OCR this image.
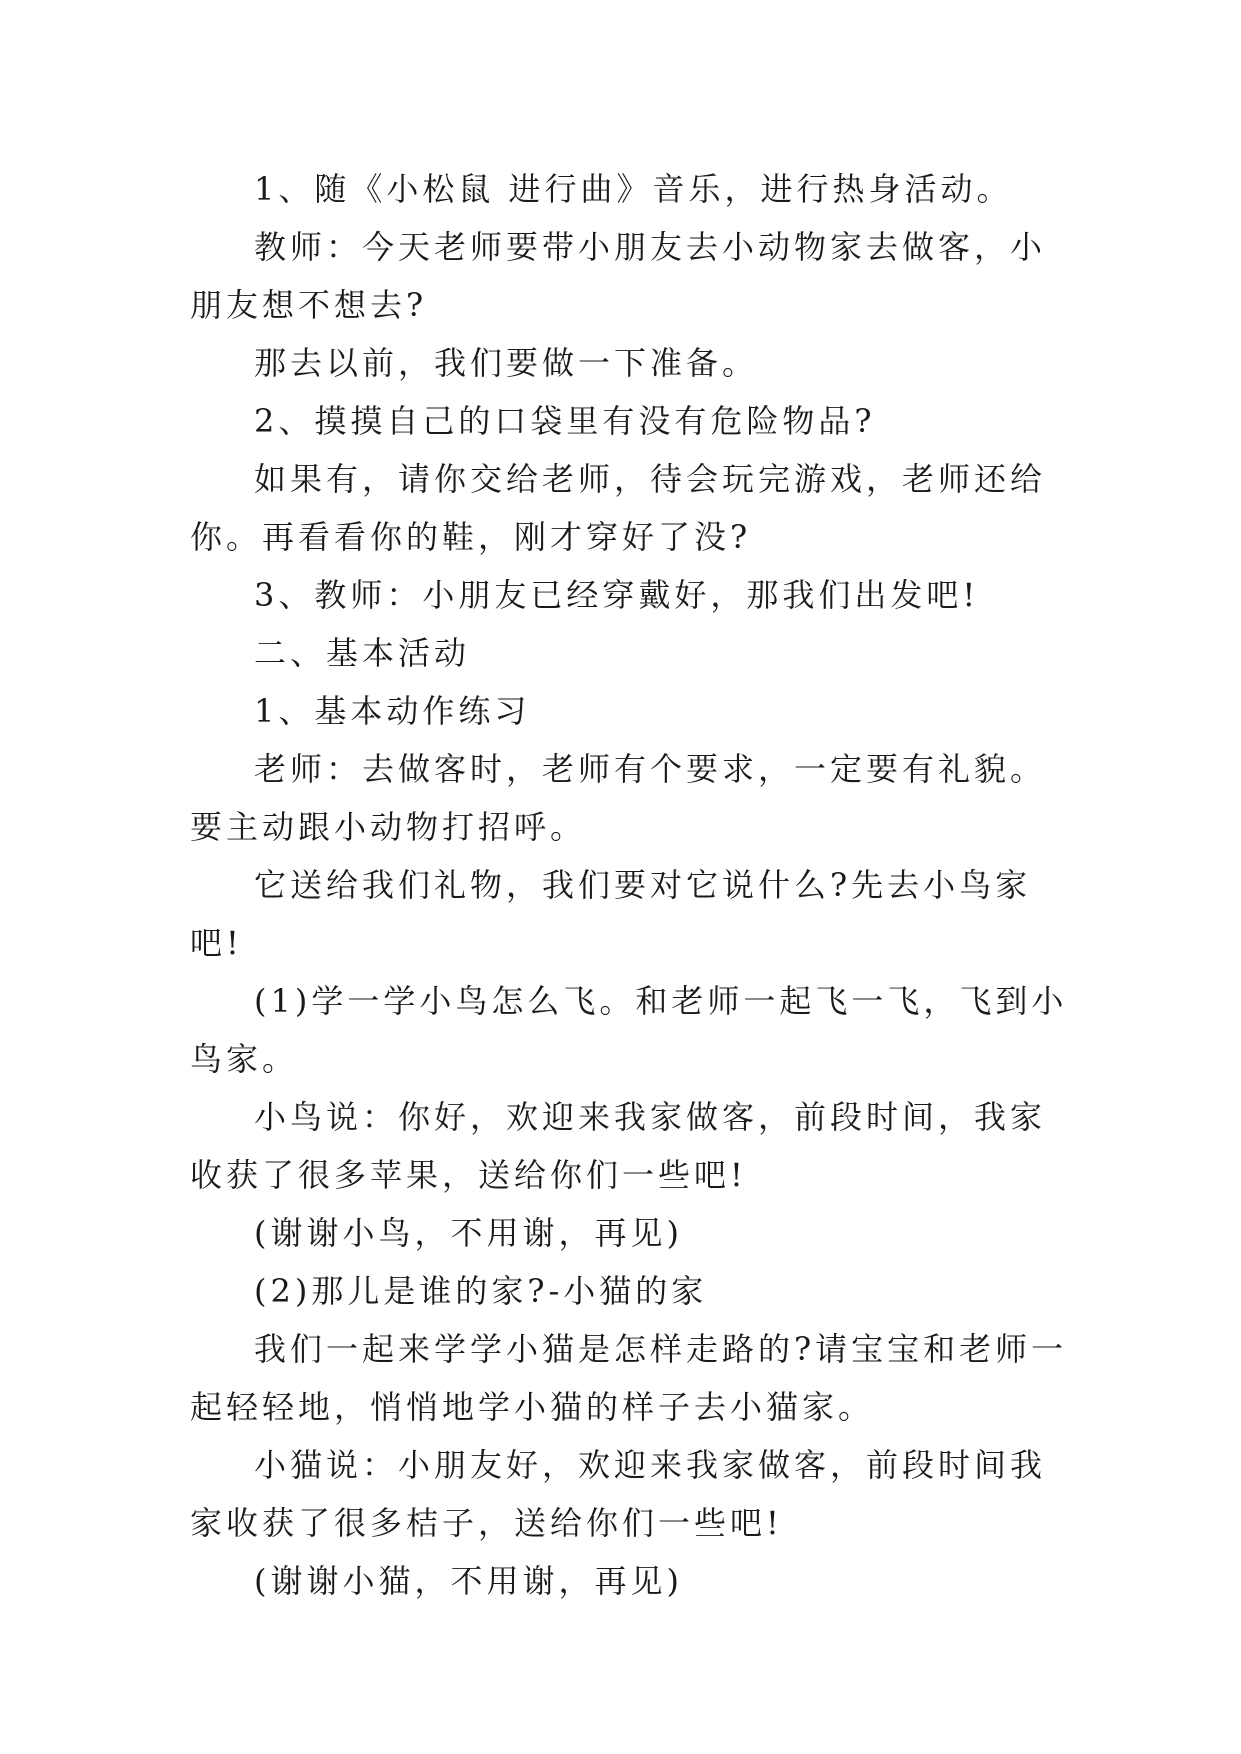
1、随《小松鼠 进行曲》音乐，进行热身活动。

教师：今天老师要带小朋友去小动物家去做客，小朋友想不想去?

那去以前，我们要做一下准备。

2、摸摸自己的口袋里有没有危险物品?

如果有，请你交给老师，待会玩完游戏，老师还给你。再看看你的鞋，刚才穿好了没?

3、教师：小朋友已经穿戴好，那我们出发吧!

二、基本活动

1、基本动作练习

老师：去做客时，老师有个要求，一定要有礼貌。要主动跟小动物打招呼。

它送给我们礼物，我们要对它说什么?先去小鸟家吧!

(1)学一学小鸟怎么飞。和老师一起飞一飞，飞到小鸟家。

小鸟说：你好，欢迎来我家做客，前段时间，我家收获了很多苹果，送给你们一些吧!

(谢谢小鸟，不用谢，再见)

(2)那儿是谁的家?-小猫的家

我们一起来学学小猫是怎样走路的?请宝宝和老师一起轻轻地，悄悄地学小猫的样子去小猫家。

小猫说：小朋友好，欢迎来我家做客，前段时间我家收获了很多桔子，送给你们一些吧!

(谢谢小猫，不用谢，再见)
